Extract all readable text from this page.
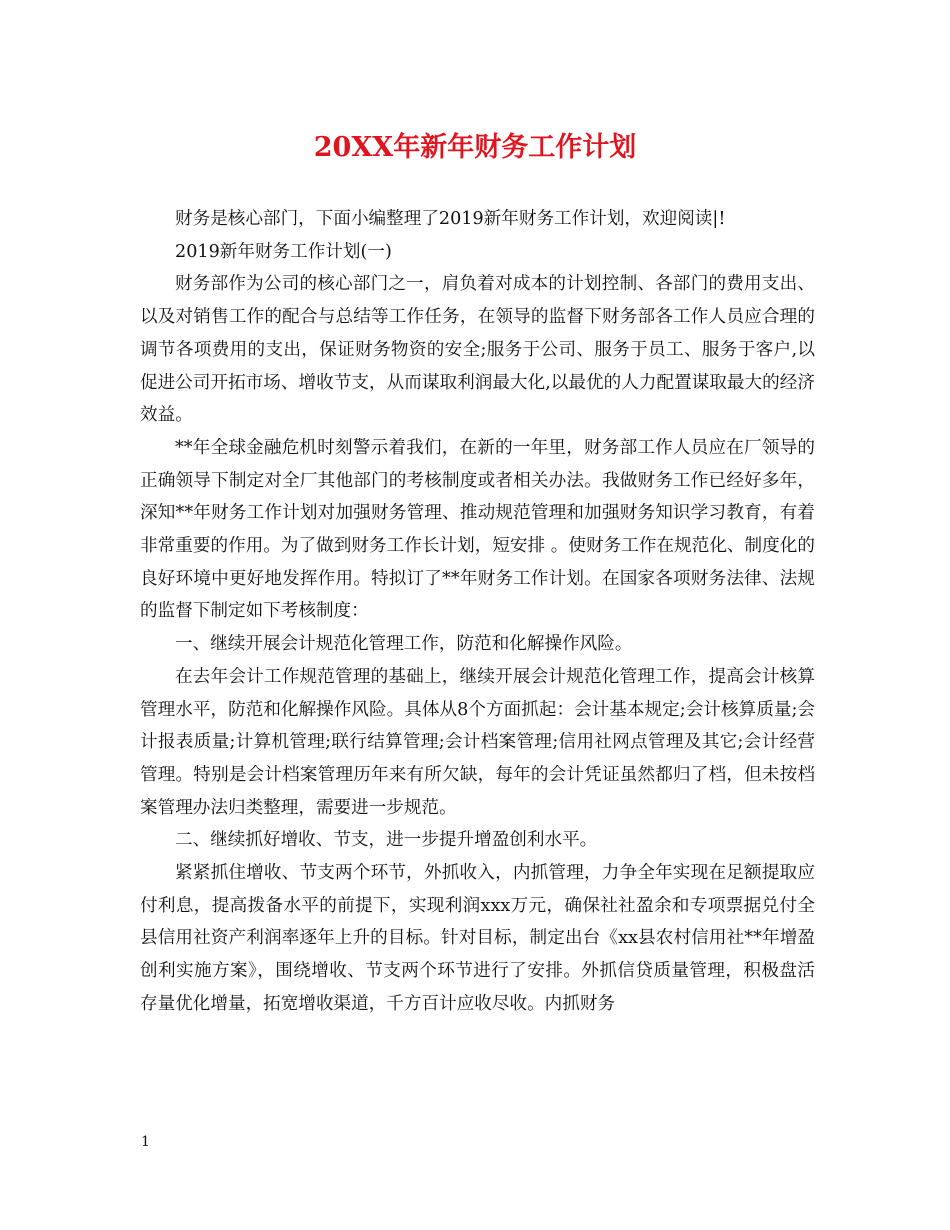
20XX年新年财务工作计划

财务是核心部门，下面小编整理了2019新年财务工作计划，欢迎阅读|!

2019新年财务工作计划(一)

财务部作为公司的核心部门之一，肩负着对成本的计划控制、各部门的费用支出、以及对销售工作的配合与总结等工作任务，在领导的监督下财务部各工作人员应合理的调节各项费用的支出，保证财务物资的安全;服务于公司、服务于员工、服务于客户,以促进公司开拓市场、增收节支，从而谋取利润最大化,以最优的人力配置谋取最大的经济效益。

**年全球金融危机时刻警示着我们，在新的一年里，财务部工作人员应在厂领导的正确领导下制定对全厂其他部门的考核制度或者相关办法。我做财务工作已经好多年，深知**年财务工作计划对加强财务管理、推动规范管理和加强财务知识学习教育，有着非常重要的作用。为了做到财务工作长计划，短安排 。使财务工作在规范化、制度化的良好环境中更好地发挥作用。特拟订了**年财务工作计划。在国家各项财务法律、法规的监督下制定如下考核制度：

一、继续开展会计规范化管理工作，防范和化解操作风险。

在去年会计工作规范管理的基础上，继续开展会计规范化管理工作，提高会计核算管理水平，防范和化解操作风险。具体从8个方面抓起：会计基本规定;会计核算质量;会计报表质量;计算机管理;联行结算管理;会计档案管理;信用社网点管理及其它;会计经营管理。特别是会计档案管理历年来有所欠缺，每年的会计凭证虽然都归了档，但未按档案管理办法归类整理，需要进一步规范。

二、继续抓好增收、节支，进一步提升增盈创利水平。

紧紧抓住增收、节支两个环节，外抓收入，内抓管理，力争全年实现在足额提取应付利息，提高拨备水平的前提下，实现利润xxx万元，确保社社盈余和专项票据兑付全县信用社资产利润率逐年上升的目标。针对目标，制定出台《xx县农村信用社**年增盈创利实施方案》，围绕增收、节支两个环节进行了安排。外抓信贷质量管理，积极盘活存量优化增量，拓宽增收渠道，千方百计应收尽收。内抓财务

1
